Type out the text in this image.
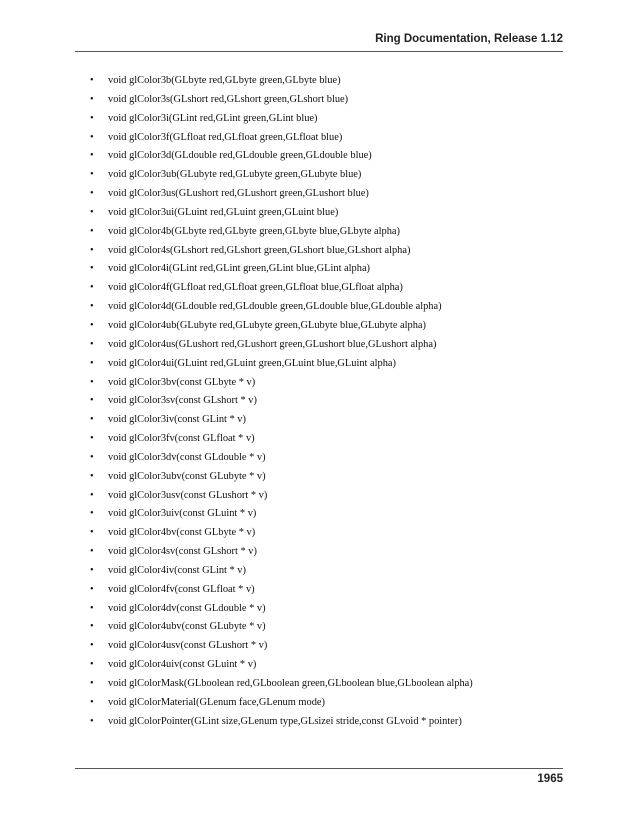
Ring Documentation, Release 1.12
• void glColor3b(GLbyte red,GLbyte green,GLbyte blue)
• void glColor3s(GLshort red,GLshort green,GLshort blue)
• void glColor3i(GLint red,GLint green,GLint blue)
• void glColor3f(GLfloat red,GLfloat green,GLfloat blue)
• void glColor3d(GLdouble red,GLdouble green,GLdouble blue)
• void glColor3ub(GLubyte red,GLubyte green,GLubyte blue)
• void glColor3us(GLushort red,GLushort green,GLushort blue)
• void glColor3ui(GLuint red,GLuint green,GLuint blue)
• void glColor4b(GLbyte red,GLbyte green,GLbyte blue,GLbyte alpha)
• void glColor4s(GLshort red,GLshort green,GLshort blue,GLshort alpha)
• void glColor4i(GLint red,GLint green,GLint blue,GLint alpha)
• void glColor4f(GLfloat red,GLfloat green,GLfloat blue,GLfloat alpha)
• void glColor4d(GLdouble red,GLdouble green,GLdouble blue,GLdouble alpha)
• void glColor4ub(GLubyte red,GLubyte green,GLubyte blue,GLubyte alpha)
• void glColor4us(GLushort red,GLushort green,GLushort blue,GLushort alpha)
• void glColor4ui(GLuint red,GLuint green,GLuint blue,GLuint alpha)
• void glColor3bv(const GLbyte * v)
• void glColor3sv(const GLshort * v)
• void glColor3iv(const GLint * v)
• void glColor3fv(const GLfloat * v)
• void glColor3dv(const GLdouble * v)
• void glColor3ubv(const GLubyte * v)
• void glColor3usv(const GLushort * v)
• void glColor3uiv(const GLuint * v)
• void glColor4bv(const GLbyte * v)
• void glColor4sv(const GLshort * v)
• void glColor4iv(const GLint * v)
• void glColor4fv(const GLfloat * v)
• void glColor4dv(const GLdouble * v)
• void glColor4ubv(const GLubyte * v)
• void glColor4usv(const GLushort * v)
• void glColor4uiv(const GLuint * v)
• void glColorMask(GLboolean red,GLboolean green,GLboolean blue,GLboolean alpha)
• void glColorMaterial(GLenum face,GLenum mode)
• void glColorPointer(GLint size,GLenum type,GLsizei stride,const GLvoid * pointer)
1965
